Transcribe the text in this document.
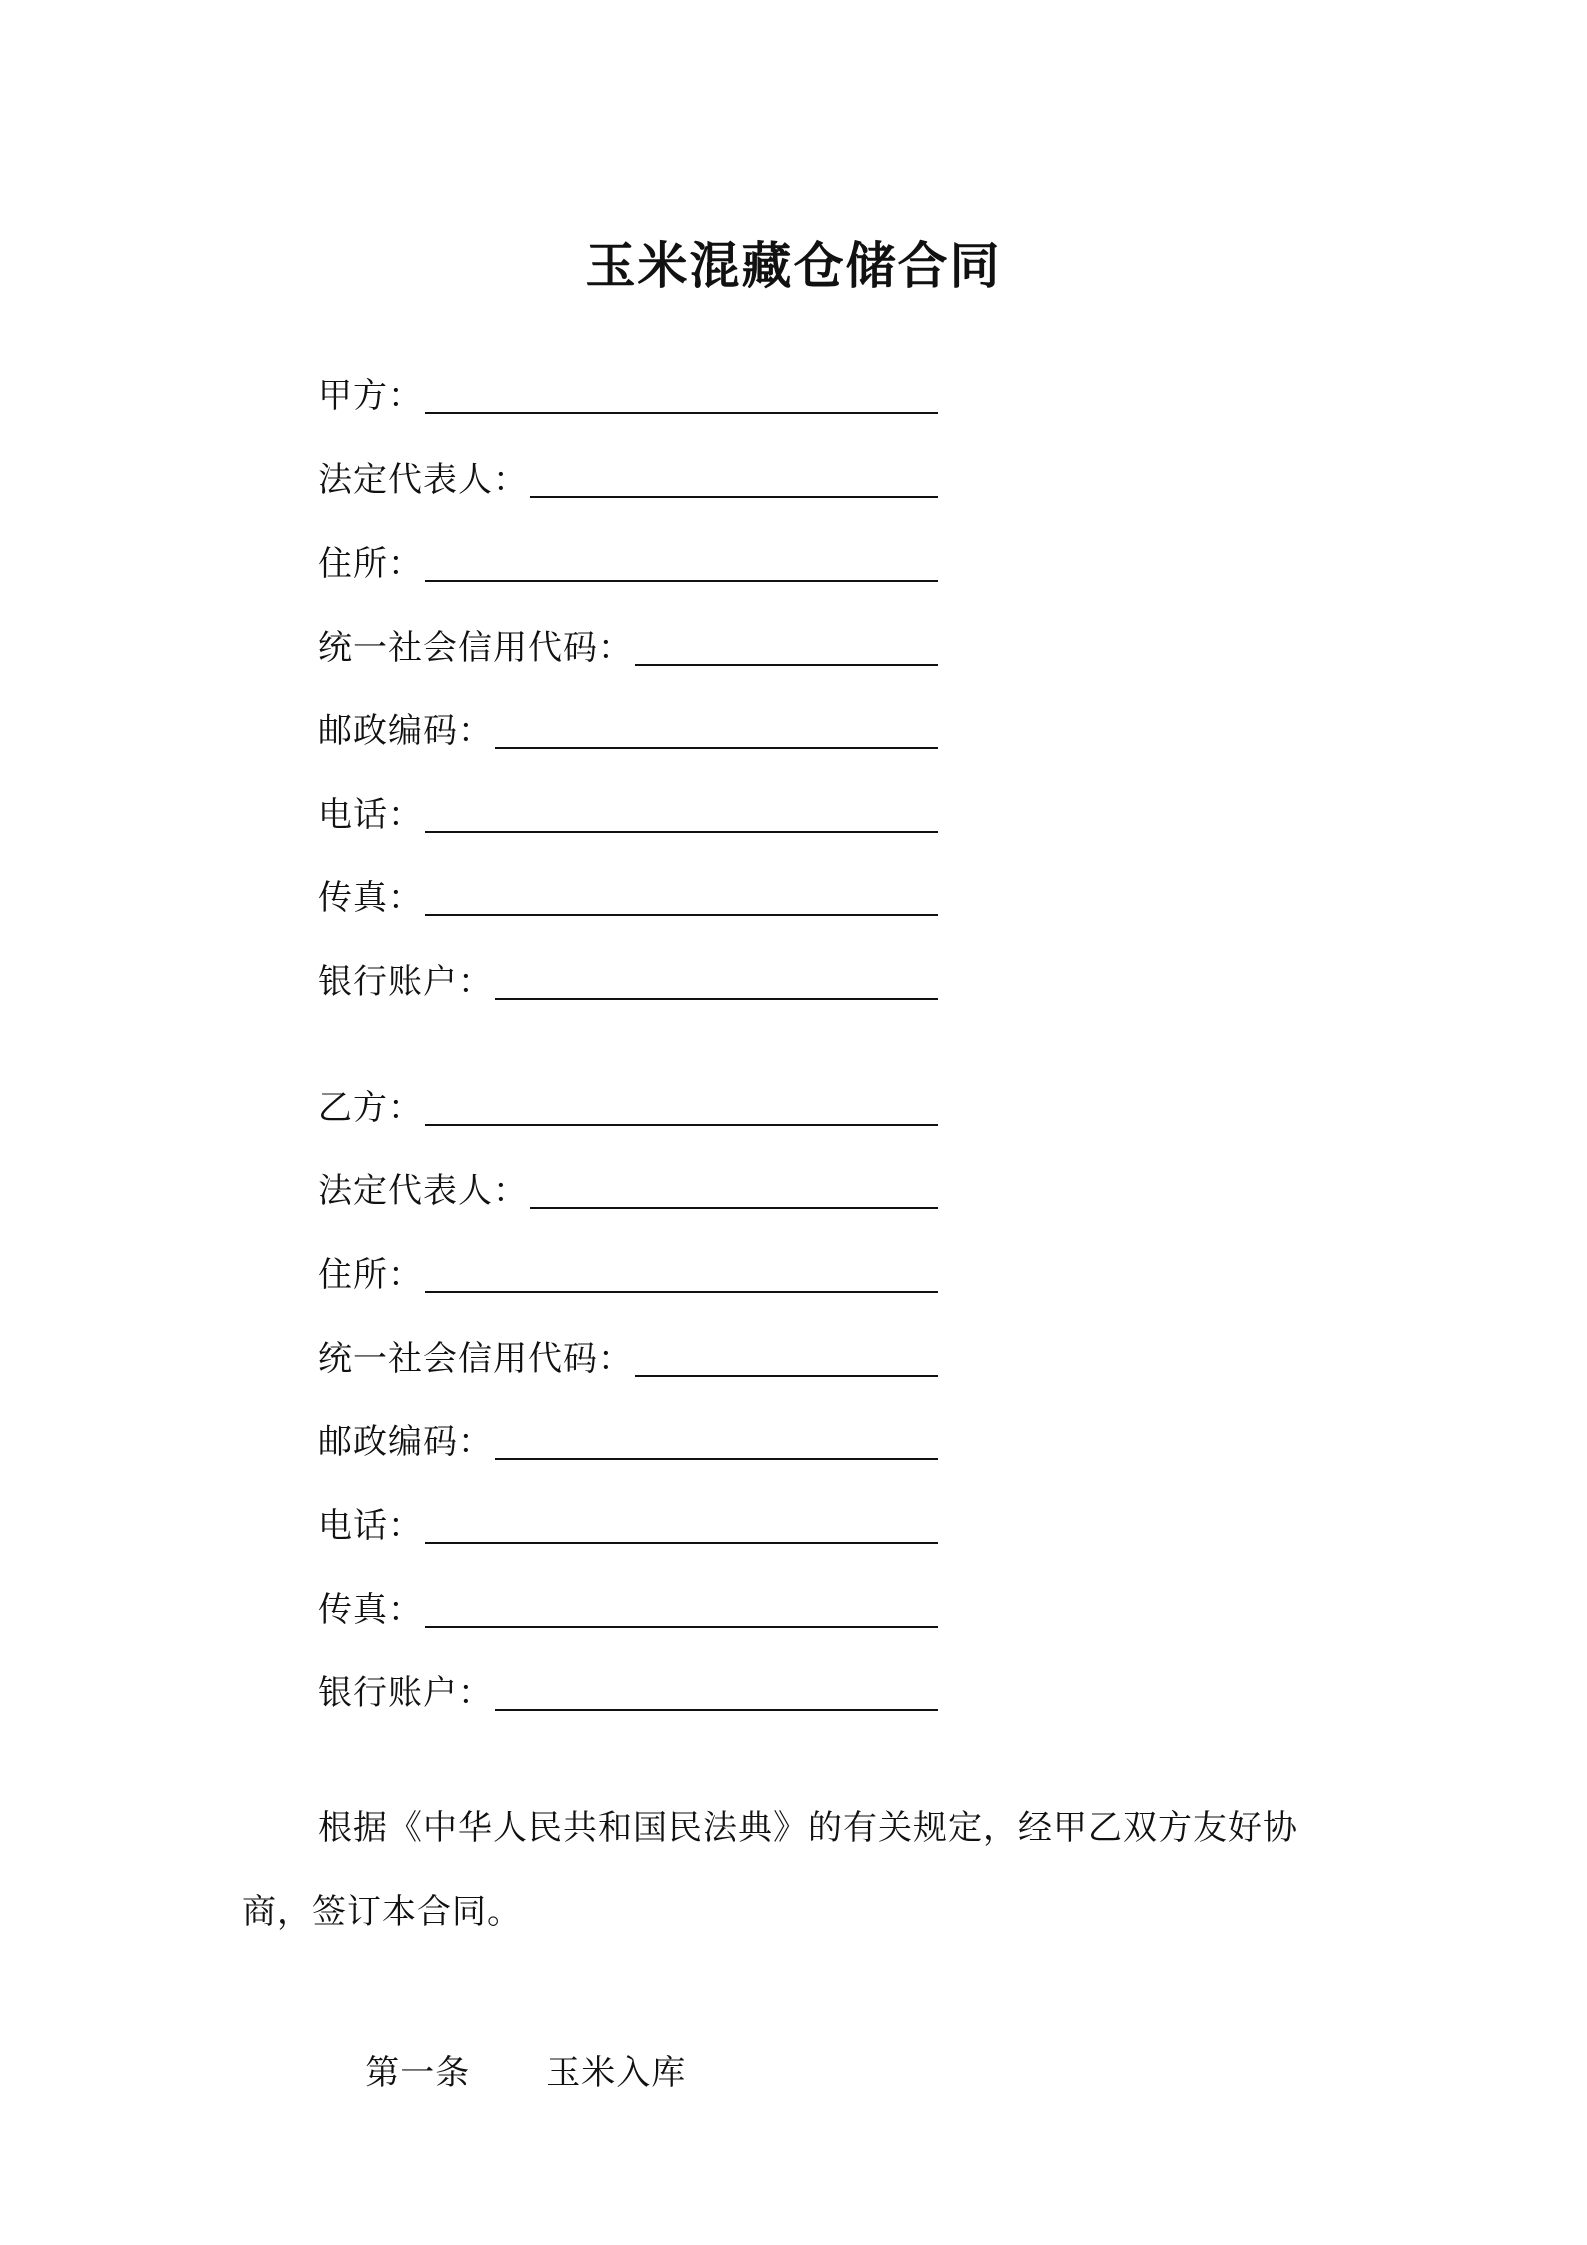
玉米混藏仓储合同
甲方：
法定代表人：
住所：
统一社会信用代码：
邮政编码：
电话：
传真：
银行账户：
乙方：
法定代表人：
住所：
统一社会信用代码：
邮政编码：
电话：
传真：
银行账户：

根据《中华人民共和国民法典》的有关规定，经甲乙双方友好协商，签订本合同。

第一条 玉米入库
